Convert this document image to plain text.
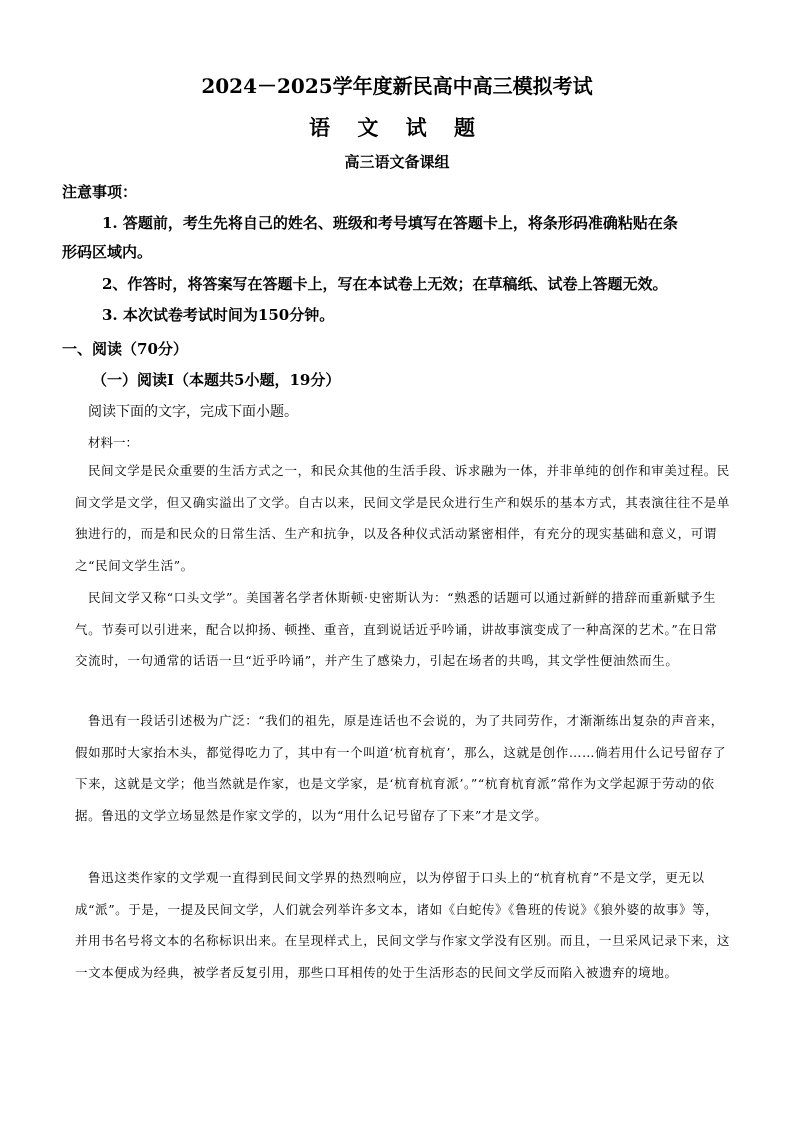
2024－2025学年度新民高中高三模拟考试
语 文 试 题
高三语文备课组
注意事项：
1. 答题前，考生先将自己的姓名、班级和考号填写在答题卡上，将条形码准确粘贴在条
形码区域内。
2、作答时，将答案写在答题卡上，写在本试卷上无效；在草稿纸、试卷上答题无效。
3. 本次试卷考试时间为150分钟。
一、阅读（70分）
（一）阅读Ⅰ（本题共5小题，19分）
阅读下面的文字，完成下面小题。
材料一：
民间文学是民众重要的生活方式之一，和民众其他的生活手段、诉求融为一体，并非单纯的创作和审美过程。民间文学是文学，但又确实溢出了文学。自古以来，民间文学是民众进行生产和娱乐的基本方式，其表演往往不是单独进行的，而是和民众的日常生活、生产和抗争，以及各种仪式活动紧密相伴，有充分的现实基础和意义，可谓之“民间文学生活”。
民间文学又称“口头文学”。美国著名学者休斯顿·史密斯认为：“熟悉的话题可以通过新鲜的措辞而重新赋予生气。节奏可以引进来，配合以抑扬、顿挫、重音，直到说话近乎吟诵，讲故事演变成了一种高深的艺术。”在日常交流时，一句通常的话语一旦“近乎吟诵”，并产生了感染力，引起在场者的共鸣，其文学性便油然而生。
鲁迅有一段话引述极为广泛：“我们的祖先，原是连话也不会说的，为了共同劳作，才渐渐练出复杂的声音来，假如那时大家抬木头，都觉得吃力了，其中有一个叫道‘杭育杭育’，那么，这就是创作……倘若用什么记号留存了下来，这就是文学；他当然就是作家，也是文学家，是‘杭育杭育派’。”“杭育杭育派”常作为文学起源于劳动的依据。鲁迅的文学立场显然是作家文学的，以为“用什么记号留存了下来”才是文学。
鲁迅这类作家的文学观一直得到民间文学界的热烈响应，以为停留于口头上的“杭育杭育”不是文学，更无以成“派”。于是，一提及民间文学，人们就会列举许多文本，诸如《白蛇传》《鲁班的传说》《狼外婆的故事》等，并用书名号将文本的名称标识出来。在呈现样式上，民间文学与作家文学没有区别。而且，一旦采风记录下来，这一文本便成为经典，被学者反复引用，那些口耳相传的处于生活形态的民间文学反而陷入被遗弃的境地。
